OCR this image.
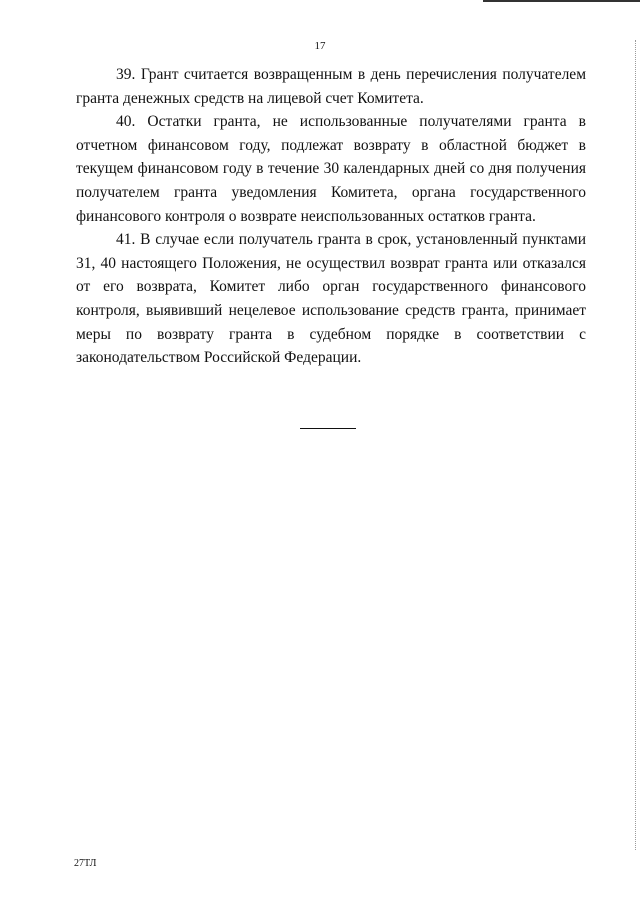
17

39. Грант считается возвращенным в день перечисления получателем гранта денежных средств на лицевой счет Комитета.

40. Остатки гранта, не использованные получателями гранта в отчетном финансовом году, подлежат возврату в областной бюджет в текущем финансовом году в течение 30 календарных дней со дня получения получателем гранта уведомления Комитета, органа государственного финансового контроля о возврате неиспользованных остатков гранта.

41. В случае если получатель гранта в срок, установленный пунктами 31, 40 настоящего Положения, не осуществил возврат гранта или отказался от его возврата, Комитет либо орган государственного финансового контроля, выявивший нецелевое использование средств гранта, принимает меры по возврату гранта в судебном порядке в соответствии с законодательством Российской Федерации.

27ТЛ
